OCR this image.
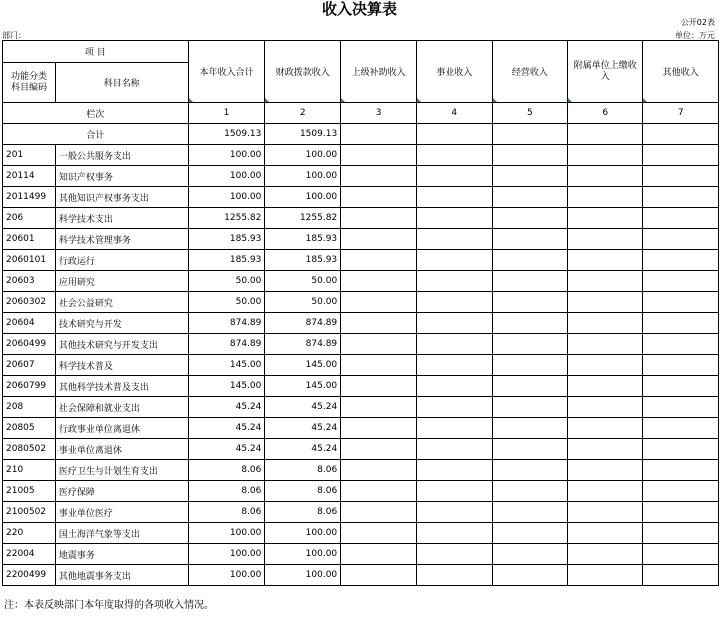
收入决算表
公开02表
单位：万元
部门：
项 目		本年收入合计	财政拨款收入	上级补助收入	事业收入	经营收入	附属单位上缴收入	其他收入
功能分类
科目编码	科目名称							

栏次		1	2	3	4	5	6	7
合计		1509.13	1509.13					
201	一般公共服务支出	100.00	100.00					
20114	知识产权事务	100.00	100.00					
2011499	其他知识产权事务支出	100.00	100.00					
206	科学技术支出	1255.82	1255.82					
20601	科学技术管理事务	185.93	185.93					
2060101	行政运行	185.93	185.93					
20603	应用研究	50.00	50.00					
2060302	社会公益研究	50.00	50.00					
20604	技术研究与开发	874.89	874.89					
2060499	其他技术研究与开发支出	874.89	874.89					
20607	科学技术普及	145.00	145.00					
2060799	其他科学技术普及支出	145.00	145.00					
208	社会保障和就业支出	45.24	45.24					
20805	行政事业单位离退休	45.24	45.24					
2080502	事业单位离退休	45.24	45.24					
210	医疗卫生与计划生育支出	8.06	8.06					
21005	医疗保障	8.06	8.06					
2100502	事业单位医疗	8.06	8.06					
220	国土海洋气象等支出	100.00	100.00					
22004	地震事务	100.00	100.00					
2200499	其他地震事务支出	100.00	100.00					
注：本表反映部门本年度取得的各项收入情况。
